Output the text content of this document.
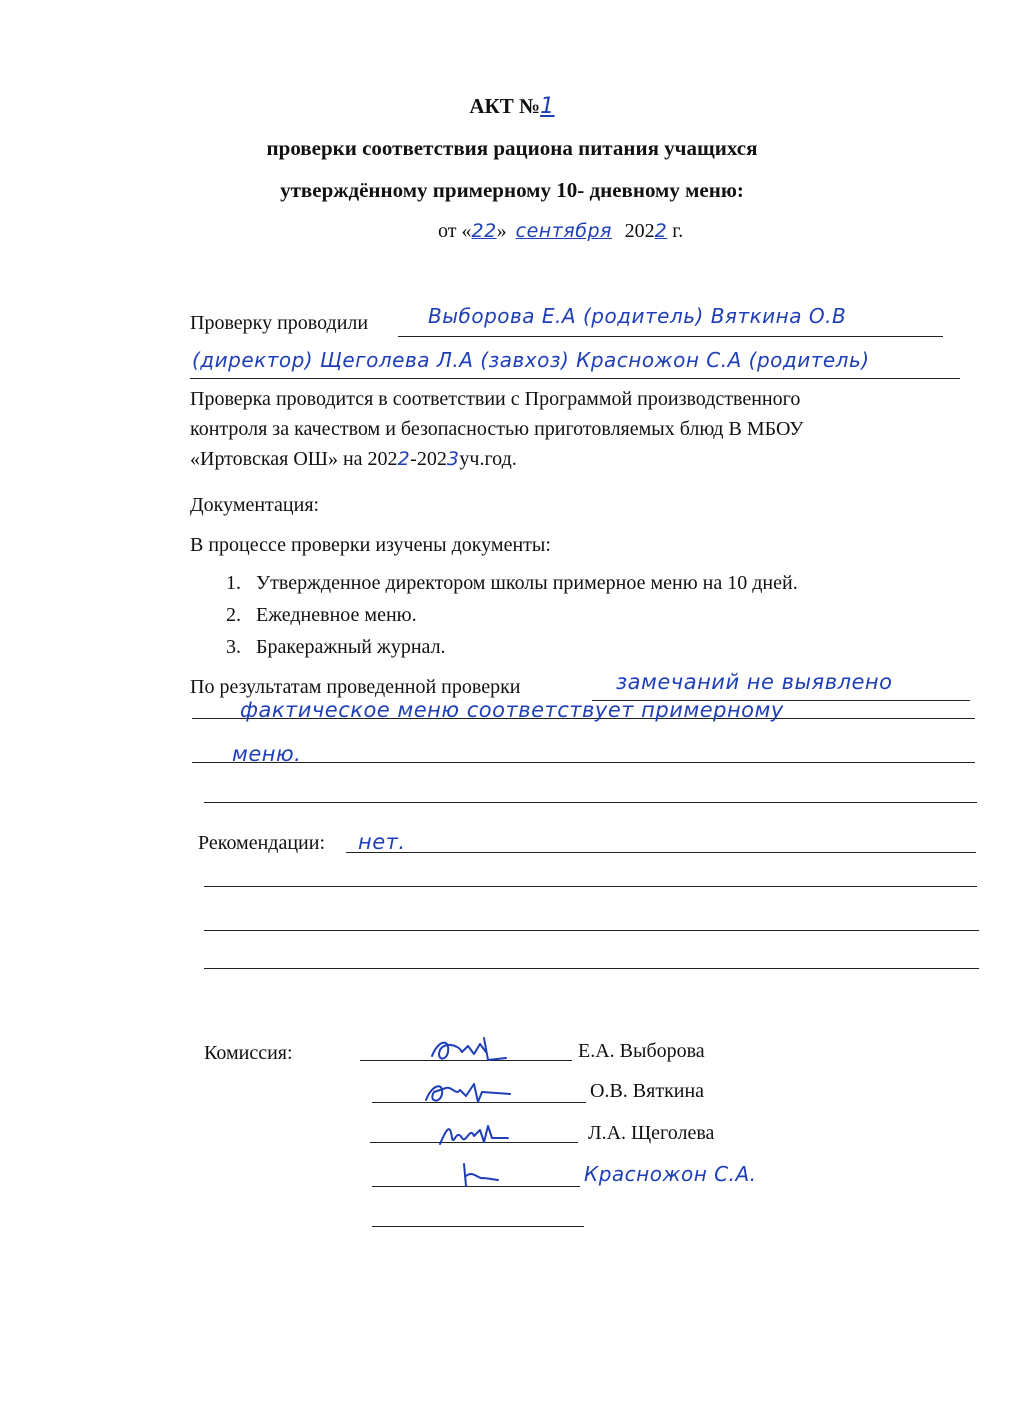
АКТ №1
проверки соответствия рациона питания учащихся
утверждённому примерному 10- дневному меню:
от «22» сентября 2022 г.
Проверку проводили	Выборова Е.А (родитель) Вяткина О.В
(директор) Щеголева Л.А (завхоз) Красножон С.А (родитель)
Проверка проводится в соответствии с Программой производственного
контроля за качеством и безопасностью приготовляемых блюд В МБОУ
«Иртовская ОШ» на 2022-2023уч.год.
Документация:
В процессе проверки изучены документы:
1. Утвержденное директором школы примерное меню на 10 дней.
2. Ежедневное меню.
3. Бракеражный журнал.
По результатам проведенной проверки	замечаний не выявлено
фактическое меню соответствует примерному
меню.
Рекомендации: нет.
Комиссия:	Е.А. Выборова
О.В. Вяткина
Л.А. Щеголева
Красножон С.А.
